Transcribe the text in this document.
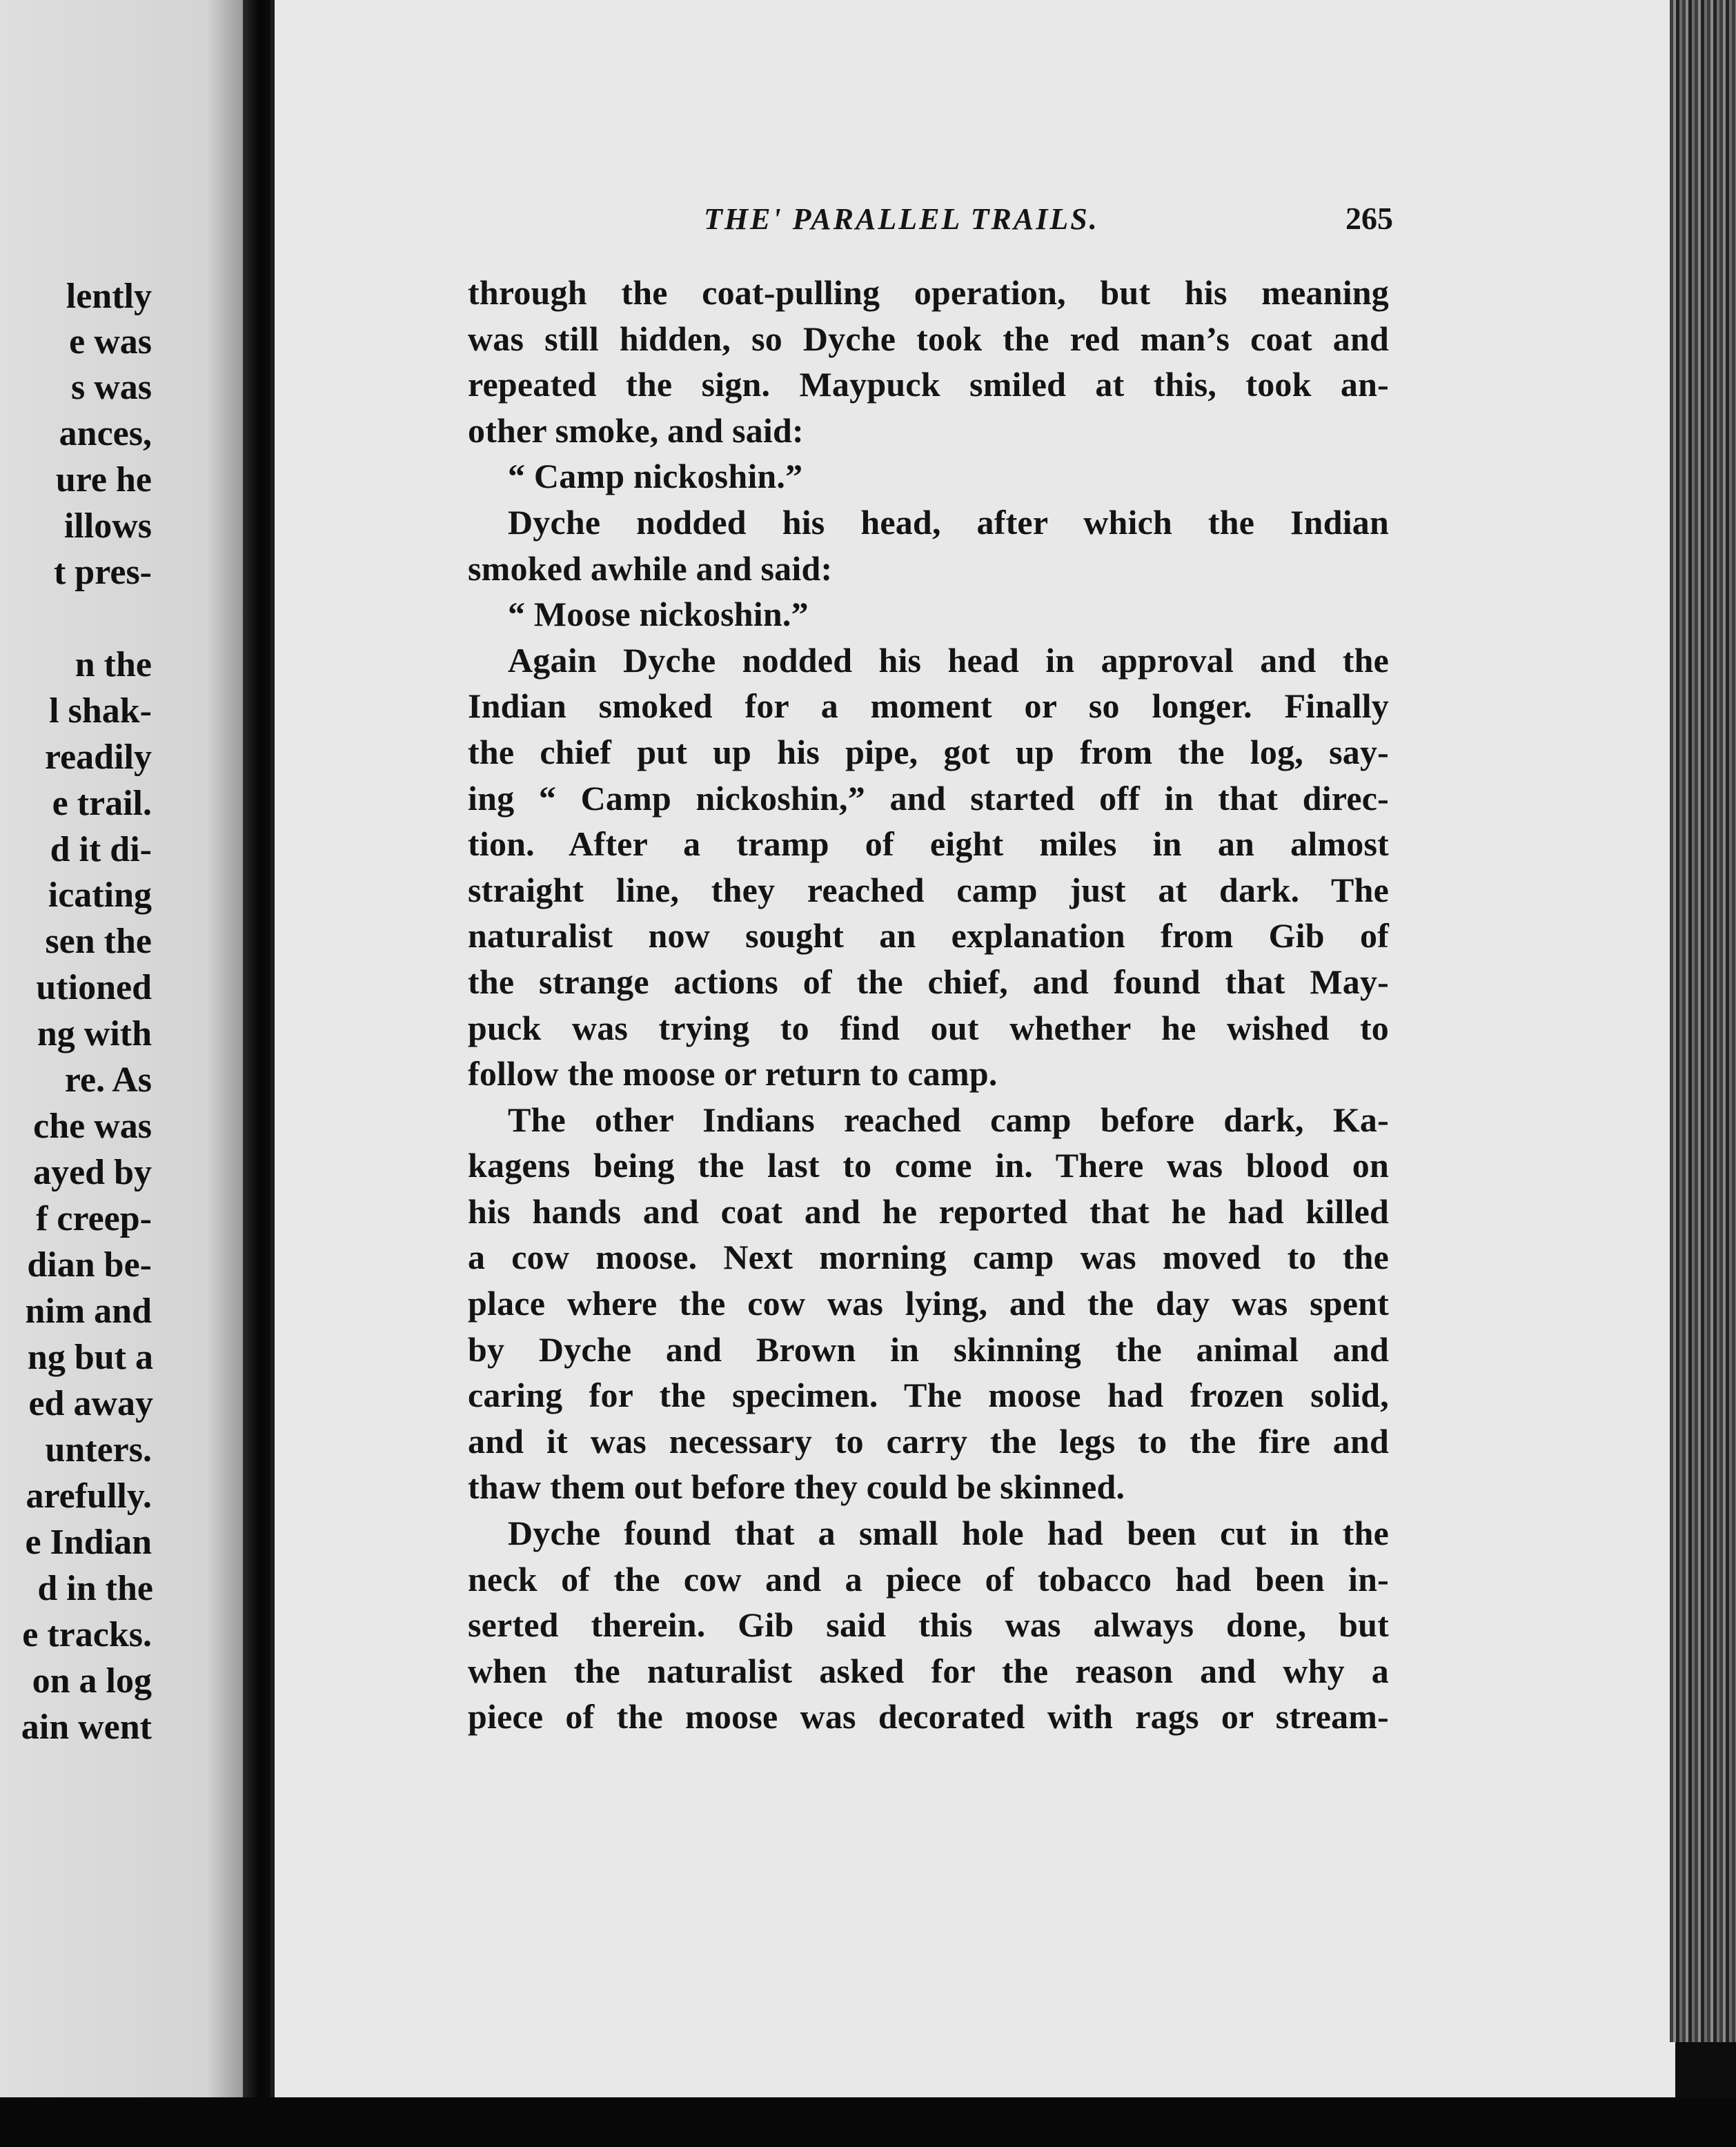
lently
e was
s was
ances,
ure he
illows
t pres-
n the
l shak-
readily
e trail.
d it di-
icating
sen the
utioned
ng with
re. As
che was
ayed by
f creep-
dian be-
nim and
ng but a
ed away
unters.
arefully.
e Indian
d in the
e tracks.
on a log
ain went
THE' PARALLEL TRAILS.	265
through the coat-pulling operation, but his meaning
was still hidden, so Dyche took the red man’s coat and
repeated the sign. Maypuck smiled at this, took an-
other smoke, and said:
“ Camp nickoshin.”
Dyche nodded his head, after which the Indian
smoked awhile and said:
“ Moose nickoshin.”
Again Dyche nodded his head in approval and the
Indian smoked for a moment or so longer. Finally
the chief put up his pipe, got up from the log, say-
ing “ Camp nickoshin,” and started off in that direc-
tion. After a tramp of eight miles in an almost
straight line, they reached camp just at dark. The
naturalist now sought an explanation from Gib of
the strange actions of the chief, and found that May-
puck was trying to find out whether he wished to
follow the moose or return to camp.
The other Indians reached camp before dark, Ka-
kagens being the last to come in. There was blood on
his hands and coat and he reported that he had killed
a cow moose. Next morning camp was moved to the
place where the cow was lying, and the day was spent
by Dyche and Brown in skinning the animal and
caring for the specimen. The moose had frozen solid,
and it was necessary to carry the legs to the fire and
thaw them out before they could be skinned.
Dyche found that a small hole had been cut in the
neck of the cow and a piece of tobacco had been in-
serted therein. Gib said this was always done, but
when the naturalist asked for the reason and why a
piece of the moose was decorated with rags or stream-
